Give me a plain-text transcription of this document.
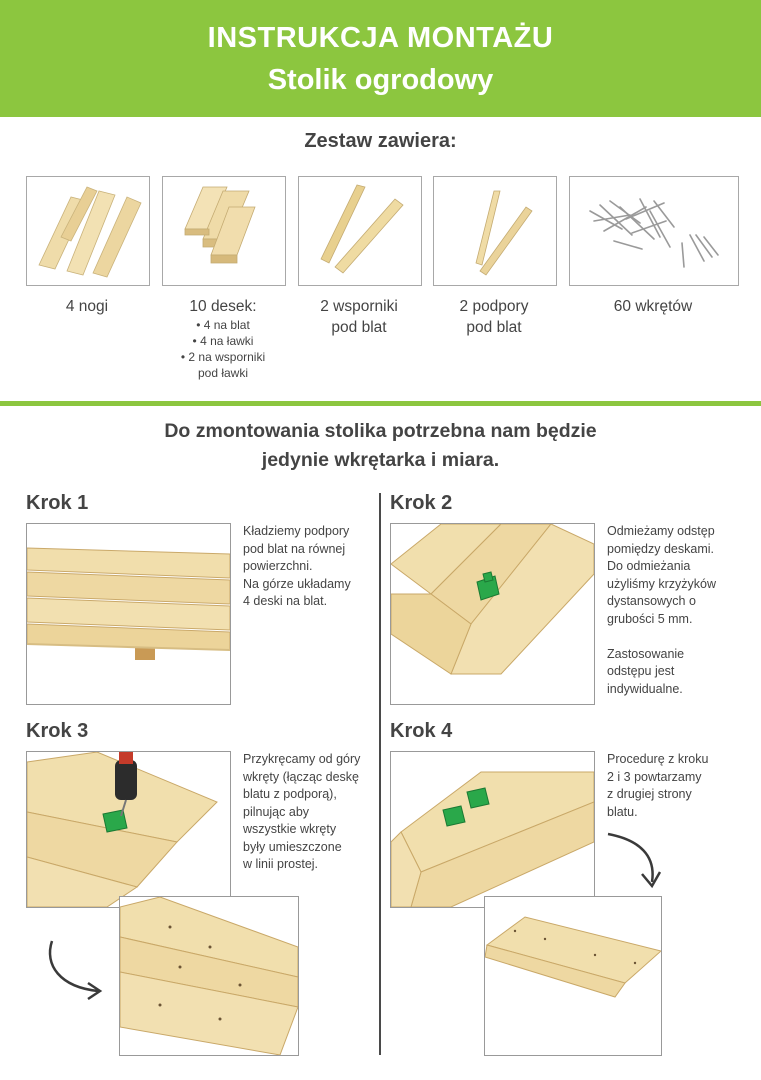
INSTRUKCJA MONTAŻU
Stolik ogrodowy
Zestaw zawiera:
4 nogi	10 desek:
• 4 na blat
• 4 na ławki
• 2 na wsporniki
pod ławki
2 wsporniki
pod blat
2 podpory
pod blat
60 wkrętów
Do zmontowania stolika potrzebna nam będzie
jedynie wkrętarka i miara.
Krok 1
Kładziemy podpory
pod blat na równej
powierzchni.
Na górze układamy
4 deski na blat.
Krok 2
Odmieżamy odstęp
pomiędzy deskami.
Do odmieżania
użyliśmy krzyżyków
dystansowych o
grubości 5 mm.
Zastosowanie
odstępu jest
indywidualne.
Krok 3
Przykręcamy od góry
wkręty (łącząc deskę
blatu z podporą),
pilnując aby
wszystkie wkręty
były umieszczone
w linii prostej.
Krok 4
Procedurę z kroku
2 i 3 powtarzamy
z drugiej strony
blatu.
